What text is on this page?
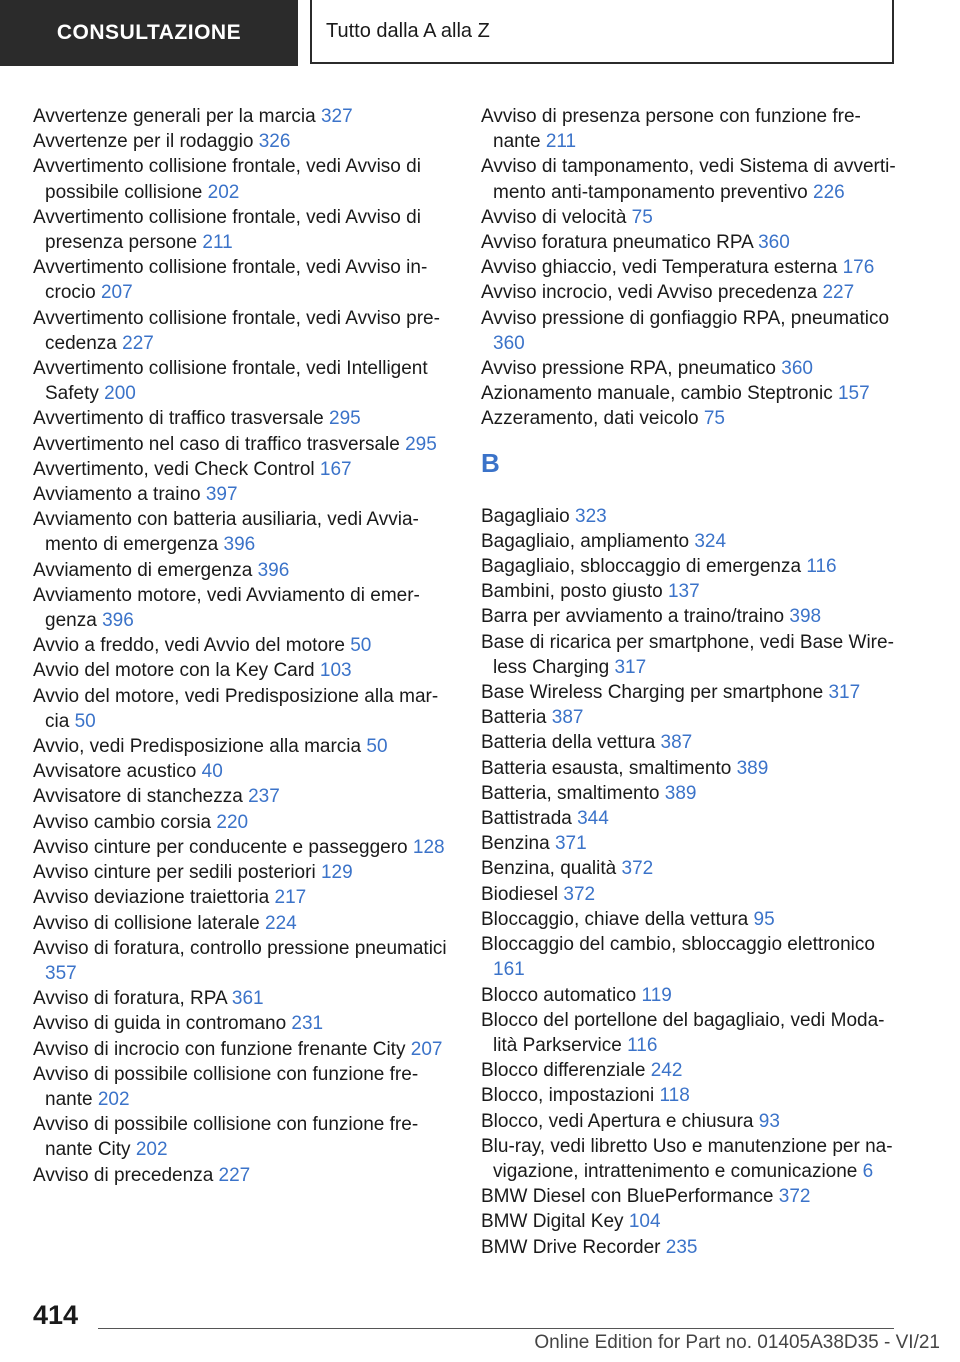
CONSULTAZIONE	Tutto dalla A alla Z
Avvertenze generali per la marcia 327
Avvertenze per il rodaggio 326
Avvertimento collisione frontale, vedi Avviso di possibile collisione 202
Avvertimento collisione frontale, vedi Avviso di presenza persone 211
Avvertimento collisione frontale, vedi Avviso incrocio 207
Avvertimento collisione frontale, vedi Avviso precedenza 227
Avvertimento collisione frontale, vedi Intelligent Safety 200
Avvertimento di traffico trasversale 295
Avvertimento nel caso di traffico trasversale 295
Avvertimento, vedi Check Control 167
Avviamento a traino 397
Avviamento con batteria ausiliaria, vedi Avviamento di emergenza 396
Avviamento di emergenza 396
Avviamento motore, vedi Avviamento di emergenza 396
Avvio a freddo, vedi Avvio del motore 50
Avvio del motore con la Key Card 103
Avvio del motore, vedi Predisposizione alla marcia 50
Avvio, vedi Predisposizione alla marcia 50
Avvisatore acustico 40
Avvisatore di stanchezza 237
Avviso cambio corsia 220
Avviso cinture per conducente e passeggero 128
Avviso cinture per sedili posteriori 129
Avviso deviazione traiettoria 217
Avviso di collisione laterale 224
Avviso di foratura, controllo pressione pneumatici 357
Avviso di foratura, RPA 361
Avviso di guida in contromano 231
Avviso di incrocio con funzione frenante City 207
Avviso di possibile collisione con funzione frenante 202
Avviso di possibile collisione con funzione frenante City 202
Avviso di precedenza 227
Avviso di presenza persone con funzione frenante 211
Avviso di tamponamento, vedi Sistema di avvertimento anti-tamponamento preventivo 226
Avviso di velocità 75
Avviso foratura pneumatico RPA 360
Avviso ghiaccio, vedi Temperatura esterna 176
Avviso incrocio, vedi Avviso precedenza 227
Avviso pressione di gonfiaggio RPA, pneumatico 360
Avviso pressione RPA, pneumatico 360
Azionamento manuale, cambio Steptronic 157
Azzeramento, dati veicolo 75
B
Bagagliaio 323
Bagagliaio, ampliamento 324
Bagagliaio, sbloccaggio di emergenza 116
Bambini, posto giusto 137
Barra per avviamento a traino/traino 398
Base di ricarica per smartphone, vedi Base Wireless Charging 317
Base Wireless Charging per smartphone 317
Batteria 387
Batteria della vettura 387
Batteria esausta, smaltimento 389
Batteria, smaltimento 389
Battistrada 344
Benzina 371
Benzina, qualità 372
Biodiesel 372
Bloccaggio, chiave della vettura 95
Bloccaggio del cambio, sbloccaggio elettronico 161
Blocco automatico 119
Blocco del portellone del bagagliaio, vedi Modalità Parkservice 116
Blocco differenziale 242
Blocco, impostazioni 118
Blocco, vedi Apertura e chiusura 93
Blu-ray, vedi libretto Uso e manutenzione per navigazione, intrattenimento e comunicazione 6
BMW Diesel con BluePerformance 372
BMW Digital Key 104
BMW Drive Recorder 235
414
Online Edition for Part no. 01405A38D35 - VI/21
